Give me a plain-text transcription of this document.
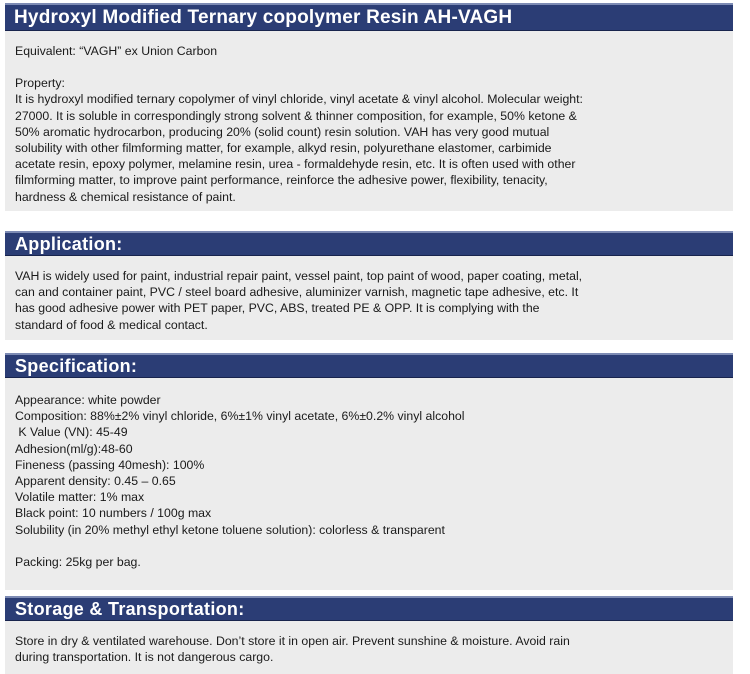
Hydroxyl Modified Ternary copolymer Resin AH-VAGH

Equivalent: “VAGH” ex Union Carbon

Property:

It is hydroxyl modified ternary copolymer of vinyl chloride, vinyl acetate & vinyl alcohol. Molecular weight:
27000. It is soluble in correspondingly strong solvent & thinner composition, for example, 50% ketone &
50% aromatic hydrocarbon, producing 20% (solid count) resin solution. VAH has very good mutual
solubility with other filmforming matter, for example, alkyd resin, polyurethane elastomer, carbimide
acetate resin, epoxy polymer, melamine resin, urea - formaldehyde resin, etc. It is often used with other
filmforming matter, to improve paint performance, reinforce the adhesive power, flexibility, tenacity,
hardness & chemical resistance of paint.

Application:

VAH is widely used for paint, industrial repair paint, vessel paint, top paint of wood, paper coating, metal,
can and container paint, PVC / steel board adhesive, aluminizer varnish, magnetic tape adhesive, etc. It
has good adhesive power with PET paper, PVC, ABS, treated PE & OPP. It is complying with the
standard of food & medical contact.

Specification:
Appearance: white powder
Composition: 88%±2% vinyl chloride, 6%±1% vinyl acetate, 6%±0.2% vinyl alcohol
K Value (VN): 45-49
Adhesion(ml/g):48-60
Fineness (passing 40mesh): 100%
Apparent density: 0.45 – 0.65
Volatile matter: 1% max
Black point: 10 numbers / 100g max
Solubility (in 20% methyl ethyl ketone toluene solution): colorless & transparent
Packing: 25kg per bag.
Storage & Transportation:

Store in dry & ventilated warehouse. Don’t store it in open air. Prevent sunshine & moisture. Avoid rain
during transportation. It is not dangerous cargo.
